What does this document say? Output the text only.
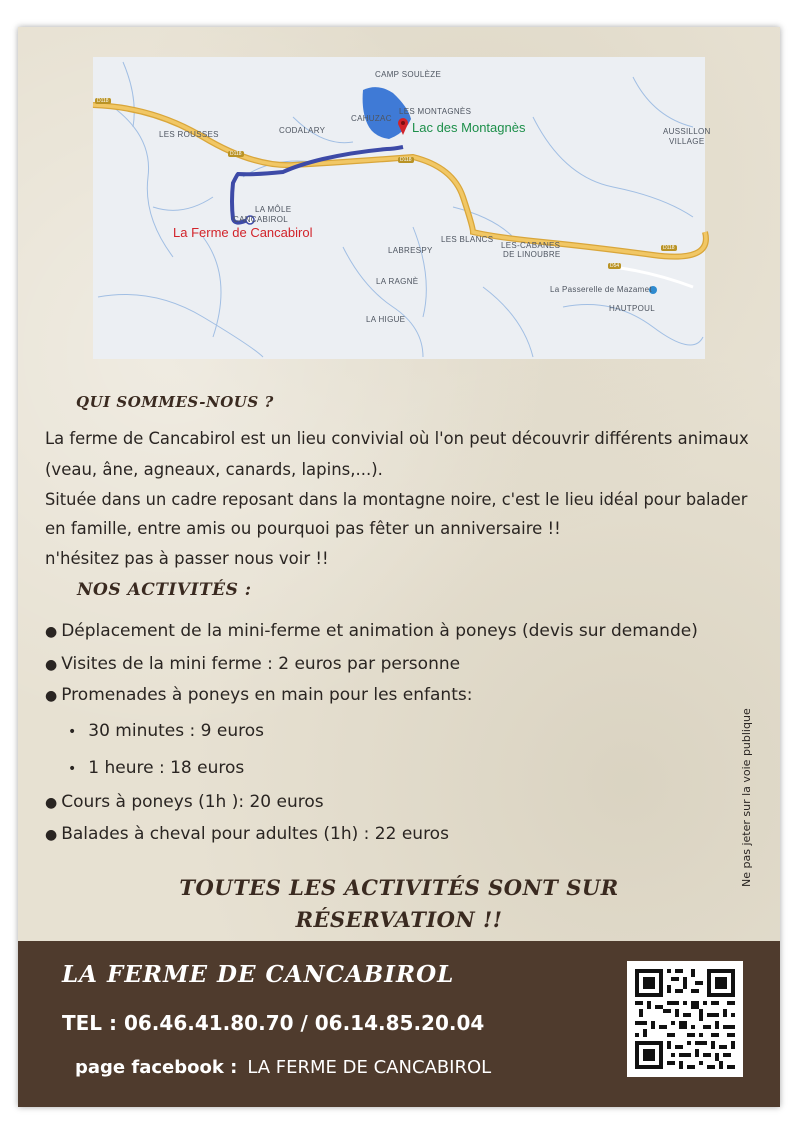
D118
D118
D118
D118
D54
CAMP SOULÈZE
LES MONTAGNÈS
CAHUZAC
Lac des Montagnès	AUSSILLON
VILLAGE
LES ROUSSES	CODALARY
LA MÔLE
CANCABIROL
La Ferme de Cancabirol	LES BLANCS
LES-CABANES
DE LINOUBRE
LABRESPY
LA RAGNÈ
LA HIGUE
La Passerelle de Mazamet
HAUTPOUL
QUI SOMMES-NOUS ?
La ferme de Cancabirol est un lieu convivial où l'on peut découvrir différents animaux
(veau, âne, agneaux, canards, lapins,...).
Située dans un cadre reposant dans la montagne noire, c'est le lieu idéal pour balader
en famille, entre amis ou pourquoi pas fêter un anniversaire !!
n'hésitez pas à passer nous voir !!
NOS ACTIVITÉS :
● Déplacement de la mini-ferme et animation à poneys (devis sur demande)
● Visites de la mini ferme : 2 euros par personne
● Promenades à poneys en main pour les enfants:
• 30 minutes : 9 euros
• 1 heure : 18 euros
● Cours à poneys (1h ): 20 euros
● Balades à cheval pour adultes (1h) : 22 euros	Ne pas jeter sur la voie publique
TOUTES LES ACTIVITÉS SONT SUR
RÉSERVATION !!
LA FERME DE CANCABIROL
TEL : 06.46.41.80.70 / 06.14.85.20.04
page facebook : LA FERME DE CANCABIROL
